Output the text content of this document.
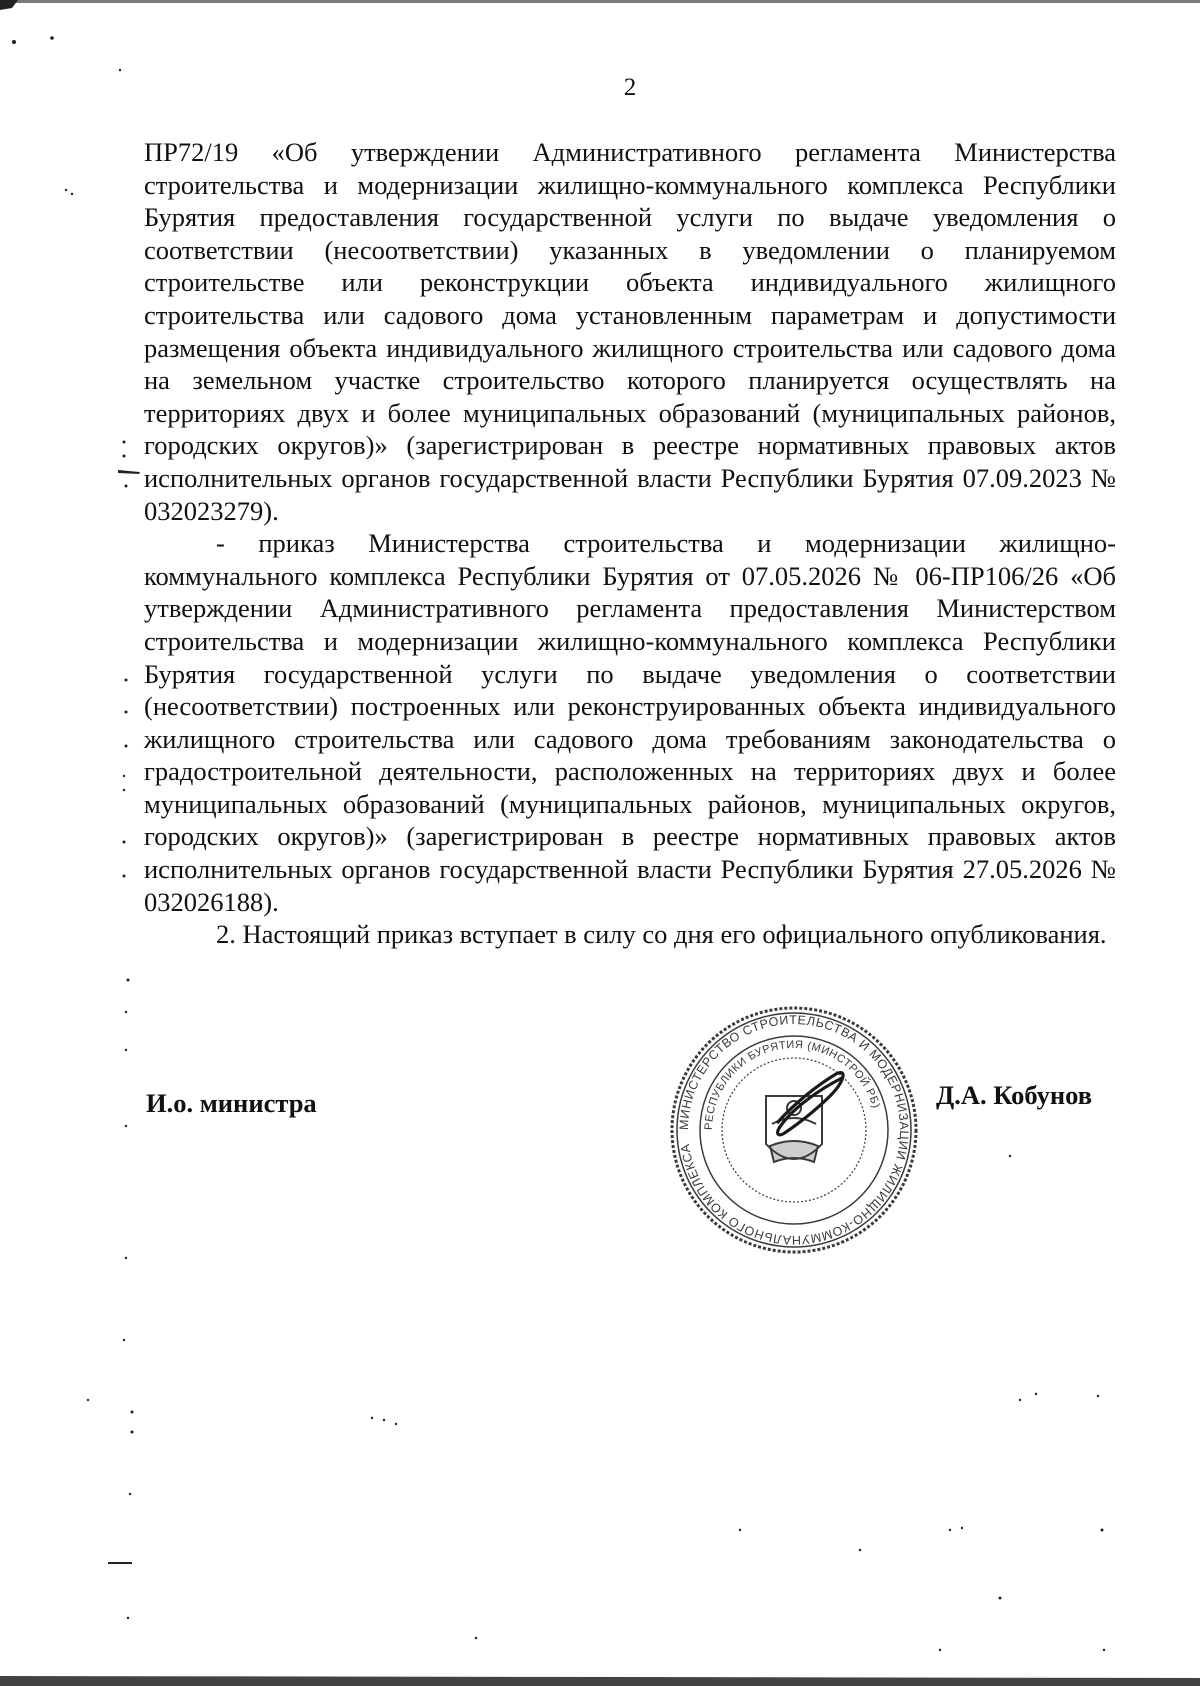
2

ПР72/19 «Об утверждении Административного регламента Министерства строительства и модернизации жилищно-коммунального комплекса Республики Бурятия предоставления государственной услуги по выдаче уведомления о соответствии (несоответствии) указанных в уведомлении о планируемом строительстве или реконструкции объекта индивидуального жилищного строительства или садового дома установленным параметрам и допустимости размещения объекта индивидуального жилищного строительства или садового дома на земельном участке строительство которого планируется осуществлять на территориях двух и более муниципальных образований (муниципальных районов, городских округов)» (зарегистрирован в реестре нормативных правовых актов исполнительных органов государственной власти Республики Бурятия 07.09.2023 № 032023279).

- приказ Министерства строительства и модернизации жилищно-коммунального комплекса Республики Бурятия от 07.05.2026 № 06-ПР106/26 «Об утверждении Административного регламента предоставления Министерством строительства и модернизации жилищно-коммунального комплекса Республики Бурятия государственной услуги по выдаче уведомления о соответствии (несоответствии) построенных или реконструированных объекта индивидуального жилищного строительства или садового дома требованиям законодательства о градостроительной деятельности, расположенных на территориях двух и более муниципальных образований (муниципальных районов, муниципальных округов, городских округов)» (зарегистрирован в реестре нормативных правовых актов исполнительных органов государственной власти Республики Бурятия 27.05.2026 № 032026188).

2. Настоящий приказ вступает в силу со дня его официального опубликования.

И.о. министра
МИНИСТЕРСТВО СТРОИТЕЛЬСТВА И МОДЕРНИЗАЦИИ ЖИЛИЩНО-КОММУНАЛЬНОГО КОМПЛЕКСА
РЕСПУБЛИКИ БУРЯТИЯ (МИНСТРОЙ РБ) Д.А. Кобунов
